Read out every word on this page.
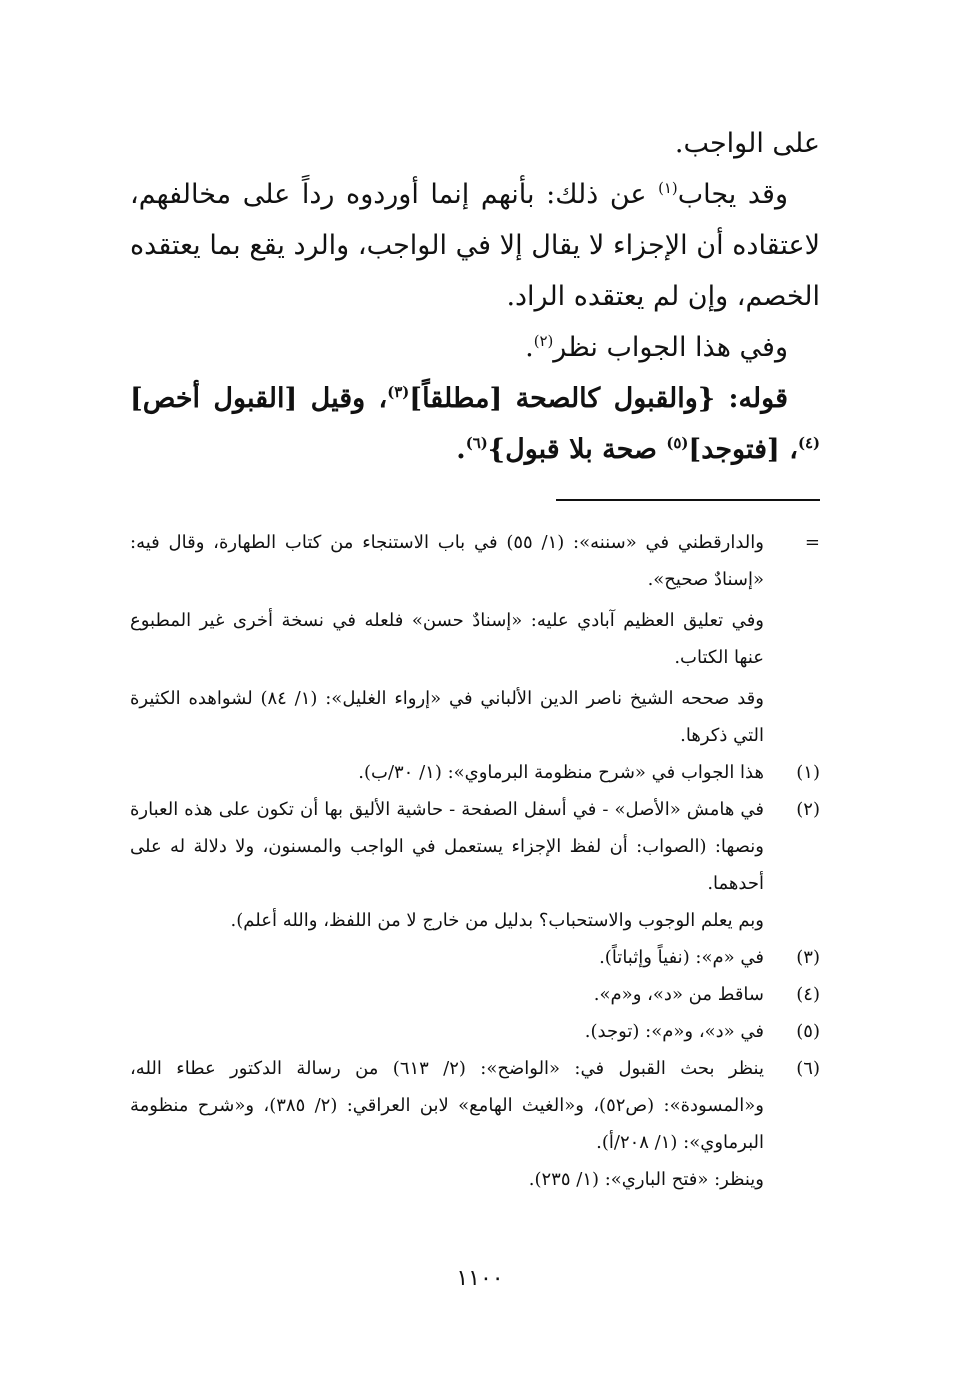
على الواجب.

وقد يجاب$^{(١)}$ عن ذلك: بأنهم إنما أوردوه رداً على مخالفهم، لاعتقاده أن الإجزاء لا يقال إلا في الواجب، والرد يقع بما يعتقده الخصم، وإن لم يعتقده الراد.

وفي هذا الجواب نظر$^{(٢)}$.

قوله: {والقبول كالصحة [مطلقاً]$^{(٣)}$، وقيل [القبول أخص]$^{(٤)}$، [فتوجد]$^{(٥)}$ صحة بلا قبول}$^{(٦)}$.

=

والدارقطني في «سننه»: (١/ ٥٥) في باب الاستنجاء من كتاب الطهارة، وقال فيه: «إسنادٌ صحيح».

وفي تعليق العظيم آبادي عليه: «إسنادٌ حسن» فلعله في نسخة أخرى غير المطبوع عنها الكتاب.

وقد صححه الشيخ ناصر الدين الألباني في «إرواء الغليل»: (١/ ٨٤) لشواهده الكثيرة التي ذكرها.

(١)

هذا الجواب في «شرح منظومة البرماوي»: (١/ ٣٠/ب).

(٢)

في هامش «الأصل» - في أسفل الصفحة - حاشية الأليق بها أن تكون على هذه العبارة ونصها: (الصواب: أن لفظ الإجزاء يستعمل في الواجب والمسنون، ولا دلالة له على أحدهما.

وبم يعلم الوجوب والاستحباب؟ بدليل من خارج لا من اللفظ، والله أعلم).

(٣)

في «م»: (نفياً وإثباتاً).

(٤)

ساقط من «د»، و«م».

(٥)

في «د»، و«م»: (توجد).

(٦)

ينظر بحث القبول في: «الواضح»: (٢/ ٦١٣) من رسالة الدكتور عطاء الله، و«المسودة»: (ص٥٢)، و«الغيث الهامع» لابن العراقي: (٢/ ٣٨٥)، و«شرح منظومة البرماوي»: (١/ ٢٠٨/أ).

وينظر: «فتح الباري»: (١/ ٢٣٥).

١١٠٠
